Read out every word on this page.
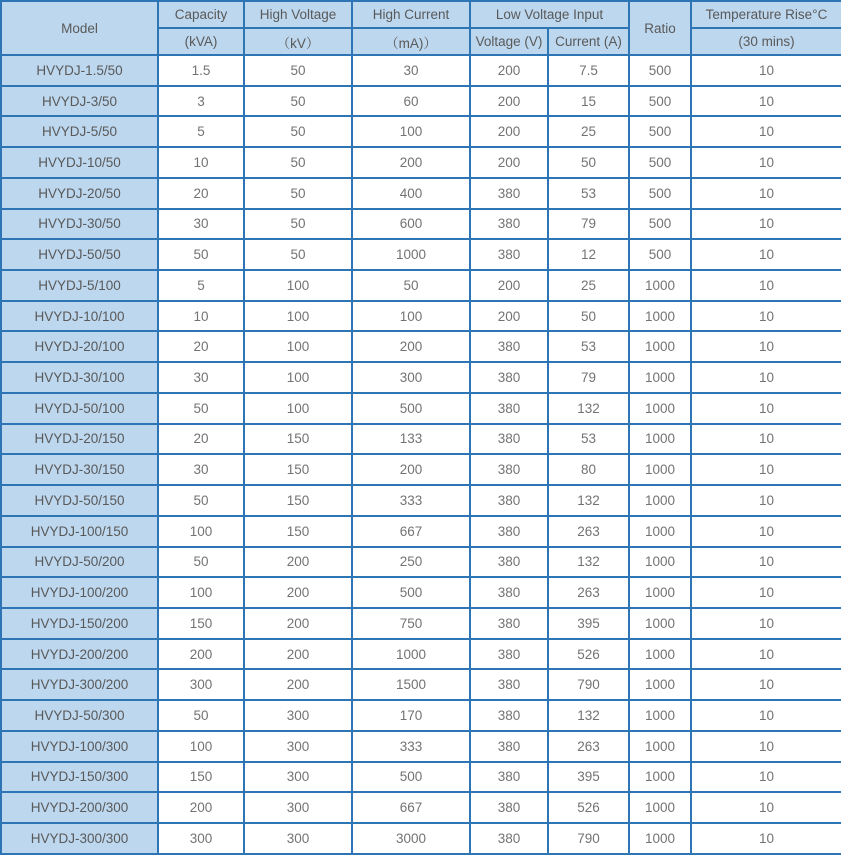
Model	Capacity	High Voltage	High Current	Low Voltage Input		Ratio	Temperature Rise°C
	(kVA)	（kV）	（mA)）	Voltage (V)	Current (A)		(30 mins)
HVYDJ-1.5/50	1.5	50	30	200	7.5	500	10
HVYDJ-3/50	3	50	60	200	15	500	10
HVYDJ-5/50	5	50	100	200	25	500	10
HVYDJ-10/50	10	50	200	200	50	500	10
HVYDJ-20/50	20	50	400	380	53	500	10
HVYDJ-30/50	30	50	600	380	79	500	10
HVYDJ-50/50	50	50	1000	380	12	500	10
HVYDJ-5/100	5	100	50	200	25	1000	10
HVYDJ-10/100	10	100	100	200	50	1000	10
HVYDJ-20/100	20	100	200	380	53	1000	10
HVYDJ-30/100	30	100	300	380	79	1000	10
HVYDJ-50/100	50	100	500	380	132	1000	10
HVYDJ-20/150	20	150	133	380	53	1000	10
HVYDJ-30/150	30	150	200	380	80	1000	10
HVYDJ-50/150	50	150	333	380	132	1000	10
HVYDJ-100/150	100	150	667	380	263	1000	10
HVYDJ-50/200	50	200	250	380	132	1000	10
HVYDJ-100/200	100	200	500	380	263	1000	10
HVYDJ-150/200	150	200	750	380	395	1000	10
HVYDJ-200/200	200	200	1000	380	526	1000	10
HVYDJ-300/200	300	200	1500	380	790	1000	10
HVYDJ-50/300	50	300	170	380	132	1000	10
HVYDJ-100/300	100	300	333	380	263	1000	10
HVYDJ-150/300	150	300	500	380	395	1000	10
HVYDJ-200/300	200	300	667	380	526	1000	10
HVYDJ-300/300	300	300	3000	380	790	1000	10
